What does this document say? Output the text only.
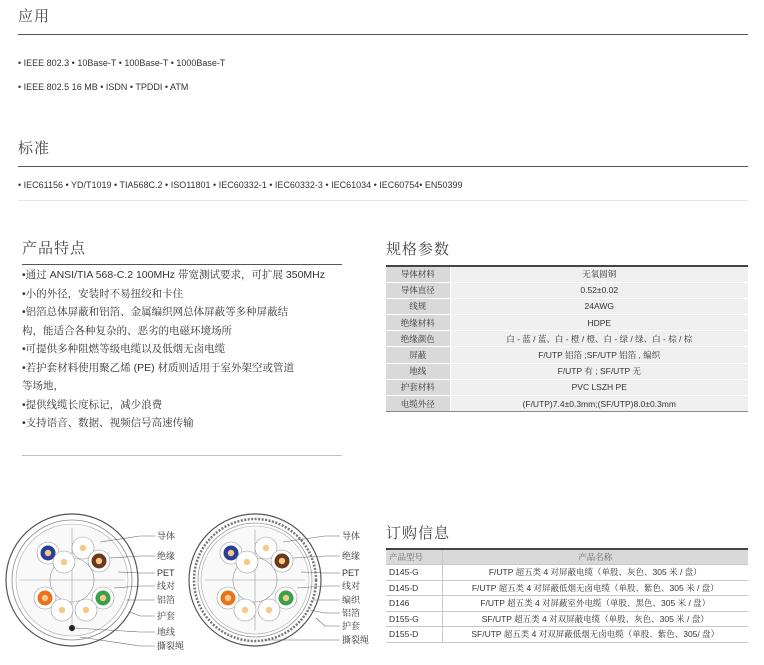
应用
• IEEE 802.3 • 10Base-T • 100Base-T • 1000Base-T
• IEEE 802.5 16 MB • ISDN • TPDDI • ATM
标准
• IEC61156 • YD/T1019 • TIA568C.2 • ISO11801 • IEC60332-1 • IEC60332-3 • IEC61034 • IEC60754• EN50399
产品特点
•通过 ANSI/TIA 568-C.2 100MHz 带宽测试要求，可扩展 350MHz
•小的外径，安装时不易扭绞和卡住
•铝箔总体屏蔽和铝箔、金属编织网总体屏蔽等多种屏蔽结
构，能适合各种复杂的、恶劣的电磁环境场所
•可提供多种阻燃等级电缆以及低烟无卤电缆
•若护套材料使用聚乙烯 (PE) 材质则适用于室外架空或管道
等场地，
•提供线缆长度标记，减少浪费
•支持语音、数据、视频信号高速传输
规格参数
导体材料	无氧圆铜
导体直径	0.52±0.02
线规	24AWG
绝缘材料	HDPE
绝缘颜色	白 - 蓝 / 蓝、白 - 橙 / 橙、白 - 绿 / 绿、白 - 棕 / 棕
屏蔽	F/UTP 铝箔 ;SF/UTP 铝箔 , 编织
地线	F/UTP 有 ; SF/UTP 无
护套材料	PVC LSZH PE
电缆外径	(F/UTP)7.4±0.3mm;(SF/UTP)8.0±0.3mm
订购信息
产品型号	产品名称
D145-G	F/UTP 超五类 4 对屏蔽电缆（单股、灰色、305 米 / 盘）
D145-D	F/UTP 超五类 4 对屏蔽低烟无卤电缆（单股、紫色、305 米 / 盘）
D146	F/UTP 超五类 4 对屏蔽室外电缆（单股、黑色、305 米 / 盘）
D155-G	SF/UTP 超五类 4 对双屏蔽电缆（单股、灰色、305 米 / 盘）
D155-D	SF/UTP 超五类 4 对双屏蔽低烟无卤电缆（单股、紫色、305/ 盘）
导体
绝缘
PET
线对
铝箔
护套
地线
撕裂绳
导体
绝缘
PET
线对
编织
铝箔
护套
撕裂绳
